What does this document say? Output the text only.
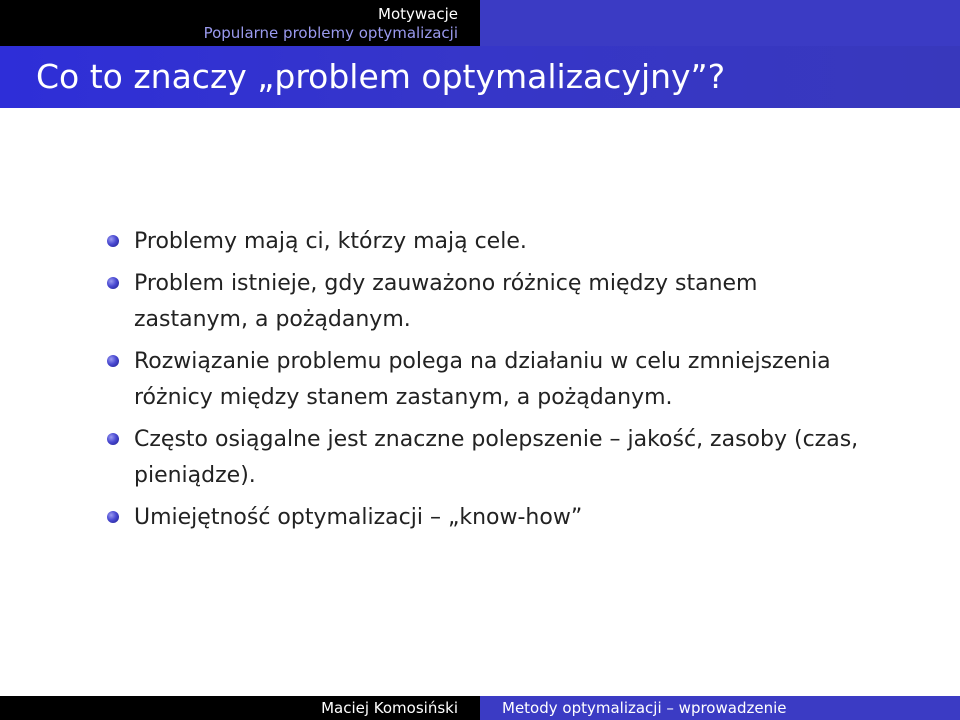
Motywacje
Popularne problemy optymalizacji
Co to znaczy „problem optymalizacyjny”?
Problemy mają ci, którzy mają cele.
Problem istnieje, gdy zauważono różnicę między stanem zastanym, a pożądanym.
Rozwiązanie problemu polega na działaniu w celu zmniejszenia różnicy między stanem zastanym, a pożądanym.
Często osiągalne jest znaczne polepszenie – jakość, zasoby (czas, pieniądze).
Umiejętność optymalizacji – „know-how”
Maciej Komosiński	Metody optymalizacji – wprowadzenie
